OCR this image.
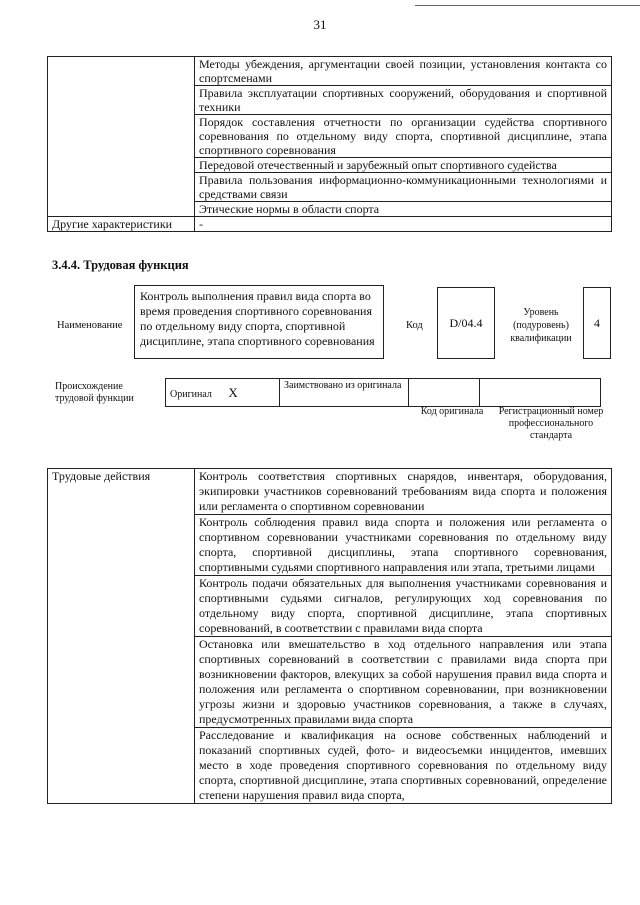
31
	Методы убеждения, аргументации своей позиции, установления контакта со спортсменами
	Правила эксплуатации спортивных сооружений, оборудования и спортивной техники
	Порядок составления отчетности по организации судейства спортивного соревнования по отдельному виду спорта, спортивной дисциплине, этапа спортивного соревнования
	Передовой отечественный и зарубежный опыт спортивного судейства
	Правила пользования информационно-коммуникационными технологиями и средствами связи
	Этические нормы в области спорта
Другие характеристики	-
3.4.4. Трудовая функция
Наименование
Контроль выполнения правил вида спорта во время проведения спортивного соревнования по отдельному виду спорта, спортивной дисциплине, этапа спортивного соревнования
Код	D/04.4
Уровень (подуровень) квалификации
4
Происхождение трудовой функции	Оригинал X	Заимствовано из оригинала		
Код оригинала	Регистрационный номер профессионального стандарта
Трудовые действия	Контроль соответствия спортивных снарядов, инвентаря, оборудования, экипировки участников соревнований требованиям вида спорта и положения или регламента о спортивном соревновании
Контроль соблюдения правил вида спорта и положения или регламента о спортивном соревновании участниками соревнования по отдельному виду спорта, спортивной дисциплины, этапа спортивного соревнования, спортивными судьями спортивного направления или этапа, третьими лицами
Контроль подачи обязательных для выполнения участниками соревнования и спортивными судьями сигналов, регулирующих ход соревнования по отдельному виду спорта, спортивной дисциплине, этапа спортивных соревнований, в соответствии с правилами вида спорта
Остановка или вмешательство в ход отдельного направления или этапа спортивных соревнований в соответствии с правилами вида спорта при возникновении факторов, влекущих за собой нарушения правил вида спорта и положения или регламента о спортивном соревновании, при возникновении угрозы жизни и здоровью участников соревнования, а также в случаях, предусмотренных правилами вида спорта
Расследование и квалификация на основе собственных наблюдений и показаний спортивных судей, фото- и видеосъемки инцидентов, имевших место в ходе проведения спортивного соревнования по отдельному виду спорта, спортивной дисциплине, этапа спортивных соревнований, определение степени нарушения правил вида спорта,
